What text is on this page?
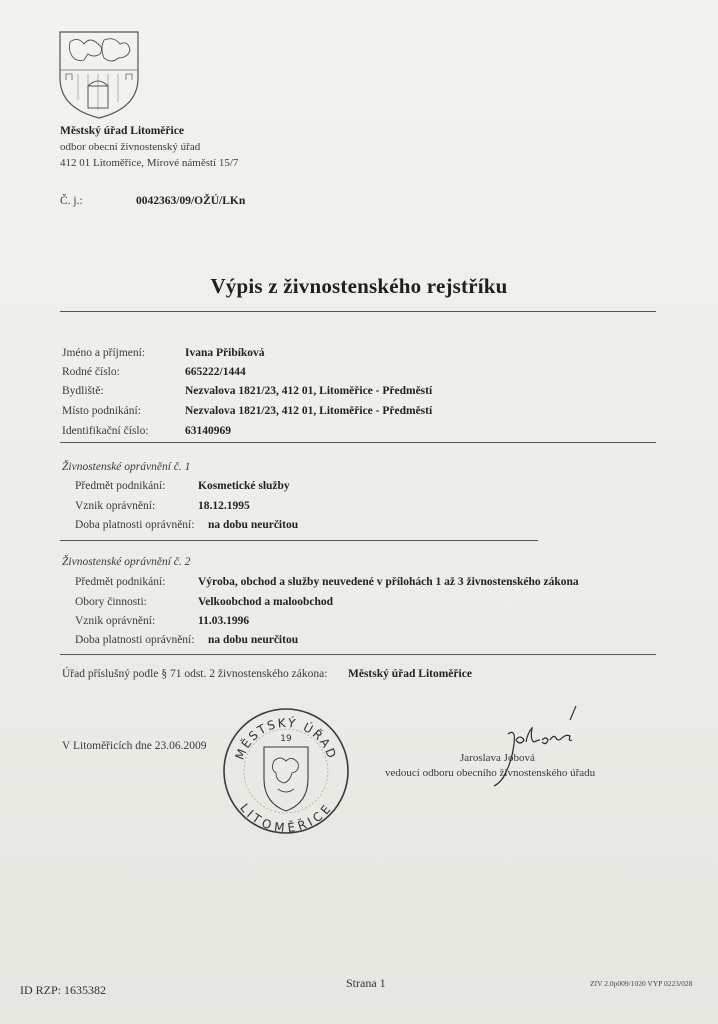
Městský úřad Litoměřice
odbor obecní živnostenský úřad
412 01 Litoměřice, Mírové náměstí 15/7
Č. j.:	0042363/09/OŽÚ/LKn
Výpis z živnostenského rejstříku
Jméno a příjmení:	Ivana Přibíková
Rodné číslo:	665222/1444
Bydliště:	Nezvalova 1821/23, 412 01, Litoměřice - Předměstí
Místo podnikání:	Nezvalova 1821/23, 412 01, Litoměřice - Předměstí
Identifikační číslo:	63140969
Živnostenské oprávnění č. 1
Předmět podnikání:	Kosmetické služby
Vznik oprávnění:	18.12.1995
Doba platnosti oprávnění: na dobu neurčitou
Živnostenské oprávnění č. 2
Předmět podnikání:	Výroba, obchod a služby neuvedené v přílohách 1 až 3 živnostenského zákona
Obory činnosti:	Velkoobchod a maloobchod
Vznik oprávnění:	11.03.1996
Doba platnosti oprávnění: na dobu neurčitou
Úřad příslušný podle § 71 odst. 2 živnostenského zákona: Městský úřad Litoměřice
V Litoměřicích dne 23.06.2009 MĚSTSKÝ ÚŘAD
LITOMĚŘICE
19
Jaroslava Jobová
vedoucí odboru obecního živnostenského úřadu
ID RZP: 1635382	Strana 1	ZIV 2.0p009/1020 VYP 0223/028
